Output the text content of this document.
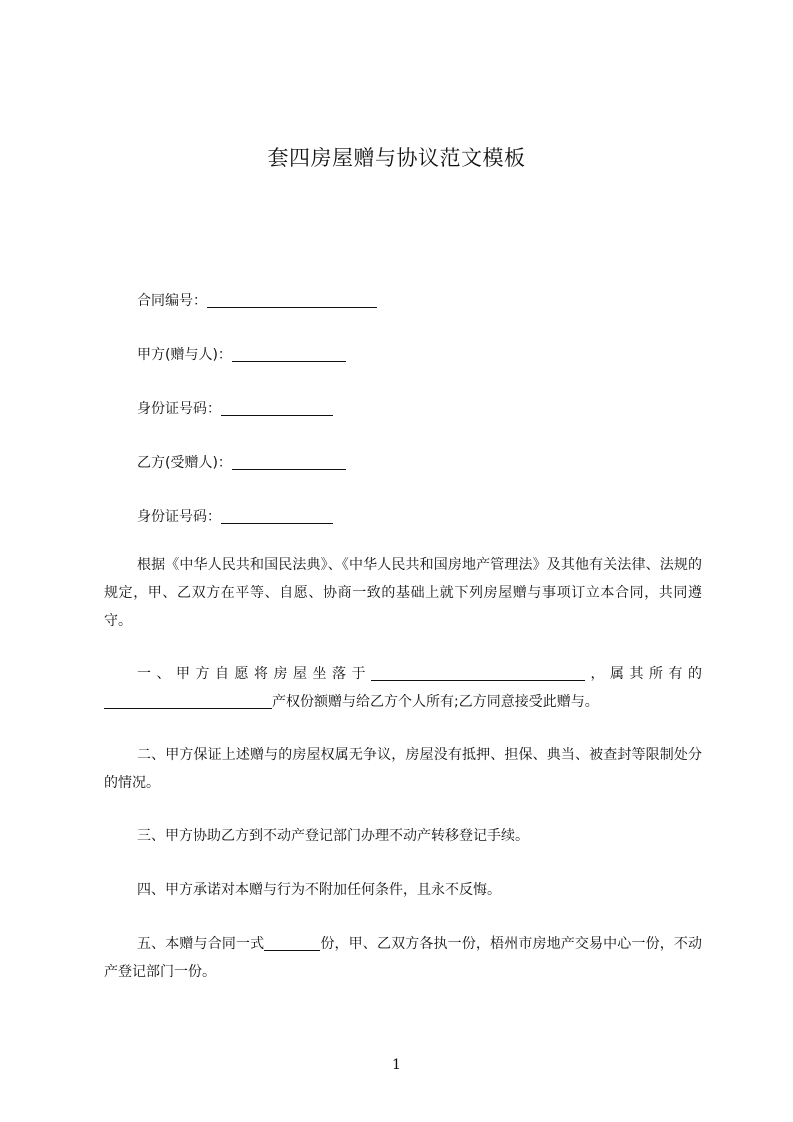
套四房屋赠与协议范文模板
合同编号：
甲方(赠与人)：
身份证号码：
乙方(受赠人)：
身份证号码：

根据《中华人民共和国民法典》、《中华人民共和国房地产管理法》及其他有关法律、法规的规定，甲、乙双方在平等、自愿、协商一致的基础上就下列房屋赠与事项订立本合同，共同遵守。

一、甲方自愿将房屋坐落于	，属其所有的产权份额赠与给乙方个人所有;乙方同意接受此赠与。

二、甲方保证上述赠与的房屋权属无争议，房屋没有抵押、担保、典当、被查封等限制处分的情况。

三、甲方协助乙方到不动产登记部门办理不动产转移登记手续。

四、甲方承诺对本赠与行为不附加任何条件，且永不反悔。

五、本赠与合同一式	份，甲、乙双方各执一份，梧州市房地产交易中心一份，不动产登记部门一份。

1
